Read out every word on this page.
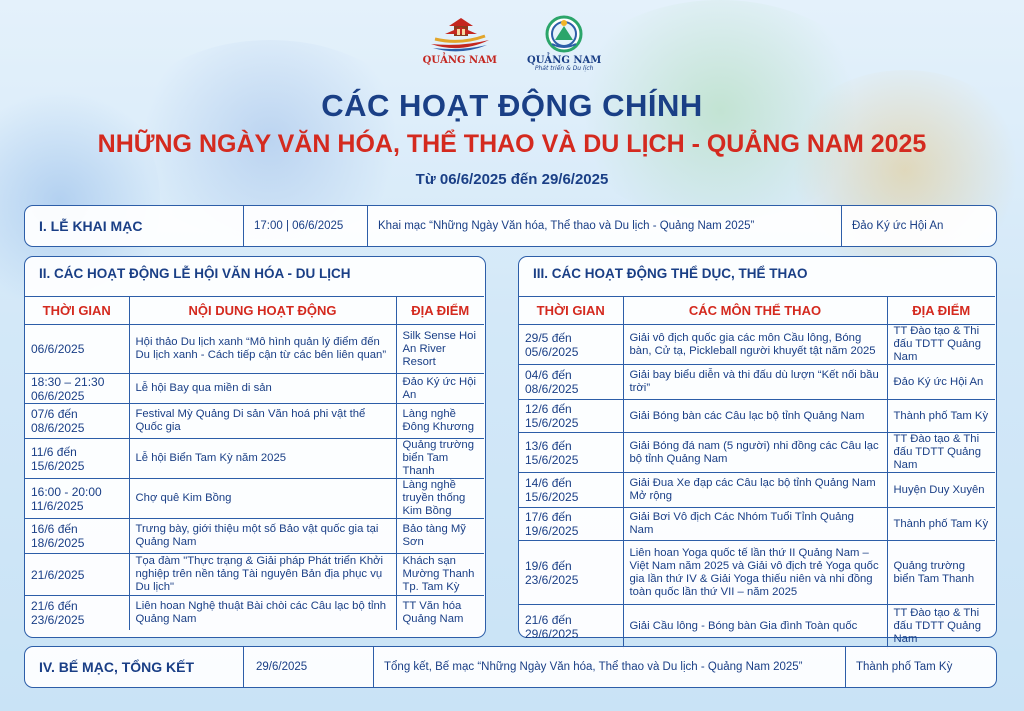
QUẢNG NAM	QUẢNG NAM
Phát triển & Du lịch
CÁC HOẠT ĐỘNG CHÍNH
NHỮNG NGÀY VĂN HÓA, THỂ THAO VÀ DU LỊCH - QUẢNG NAM 2025
Từ 06/6/2025 đến 29/6/2025
I. LỄ KHAI MẠC	17:00 | 06/6/2025	Khai mạc “Những Ngày Văn hóa, Thể thao và Du lịch - Quảng Nam 2025”	Đảo Ký ức Hội An
II. CÁC HOẠT ĐỘNG LỄ HỘI VĂN HÓA - DU LỊCH
THỜI GIAN	NỘI DUNG HOẠT ĐỘNG	ĐỊA ĐIỂM
06/6/2025	Hội thảo Du lịch xanh “Mô hình quản lý điểm đến Du lịch xanh - Cách tiếp cận từ các bên liên quan”	Silk Sense Hoi An River Resort
18:30 – 21:30 06/6/2025	Lễ hội Bay qua miền di sản	Đảo Ký ức Hội An
07/6 đến 08/6/2025	Festival Mỳ Quảng Di sản Văn hoá phi vật thể Quốc gia	Làng nghề Đông Khương
11/6 đến 15/6/2025	Lễ hội Biển Tam Kỳ năm 2025	Quảng trường biển Tam Thanh
16:00 - 20:00 11/6/2025	Chợ quê Kim Bồng	Làng nghề truyền thống Kim Bồng
16/6 đến 18/6/2025	Trưng bày, giới thiệu một số Bảo vật quốc gia tại Quảng Nam	Bảo tàng Mỹ Sơn
21/6/2025	Tọa đàm "Thực trạng & Giải pháp Phát triển Khởi nghiệp trên nền tảng Tài nguyên Bản địa phục vụ Du lịch"	Khách sạn Mường Thanh Tp. Tam Kỳ
21/6 đến 23/6/2025	Liên hoan Nghệ thuật Bài chòi các Câu lạc bộ tỉnh Quảng Nam	TT Văn hóa Quảng Nam
III. CÁC HOẠT ĐỘNG THỂ DỤC, THỂ THAO
THỜI GIAN	CÁC MÔN THỂ THAO	ĐỊA ĐIỂM
29/5 đến 05/6/2025	Giải vô địch quốc gia các môn Cầu lông, Bóng bàn, Cử tạ, Pickleball người khuyết tật năm 2025	TT Đào tạo & Thi đấu TDTT Quảng Nam
04/6 đến 08/6/2025	Giải bay biểu diễn và thi đấu dù lượn “Kết nối bầu trời”	Đảo Ký ức Hội An
12/6 đến 15/6/2025	Giải Bóng bàn các Câu lạc bộ tỉnh Quảng Nam	Thành phố Tam Kỳ
13/6 đến 15/6/2025	Giải Bóng đá nam (5 người) nhi đồng các Câu lạc bộ tỉnh Quảng Nam	TT Đào tạo & Thi đấu TDTT Quảng Nam
14/6 đến 15/6/2025	Giải Đua Xe đạp các Câu lạc bộ tỉnh Quảng Nam Mở rộng	Huyện Duy Xuyên
17/6 đến 19/6/2025	Giải Bơi Vô địch Các Nhóm Tuổi Tỉnh Quảng Nam	Thành phố Tam Kỳ
19/6 đến 23/6/2025	Liên hoan Yoga quốc tế lần thứ II Quảng Nam – Việt Nam năm 2025 và Giải vô địch trẻ Yoga quốc gia lần thứ IV & Giải Yoga thiếu niên và nhi đồng toàn quốc lần thứ VII – năm 2025	Quảng trường biển Tam Thanh
21/6 đến 29/6/2025	Giải Cầu lông - Bóng bàn Gia đình Toàn quốc	TT Đào tạo & Thi đấu TDTT Quảng Nam
IV. BẾ MẠC, TỔNG KẾT	29/6/2025	Tổng kết, Bế mạc “Những Ngày Văn hóa, Thể thao và Du lịch - Quảng Nam 2025”	Thành phố Tam Kỳ
